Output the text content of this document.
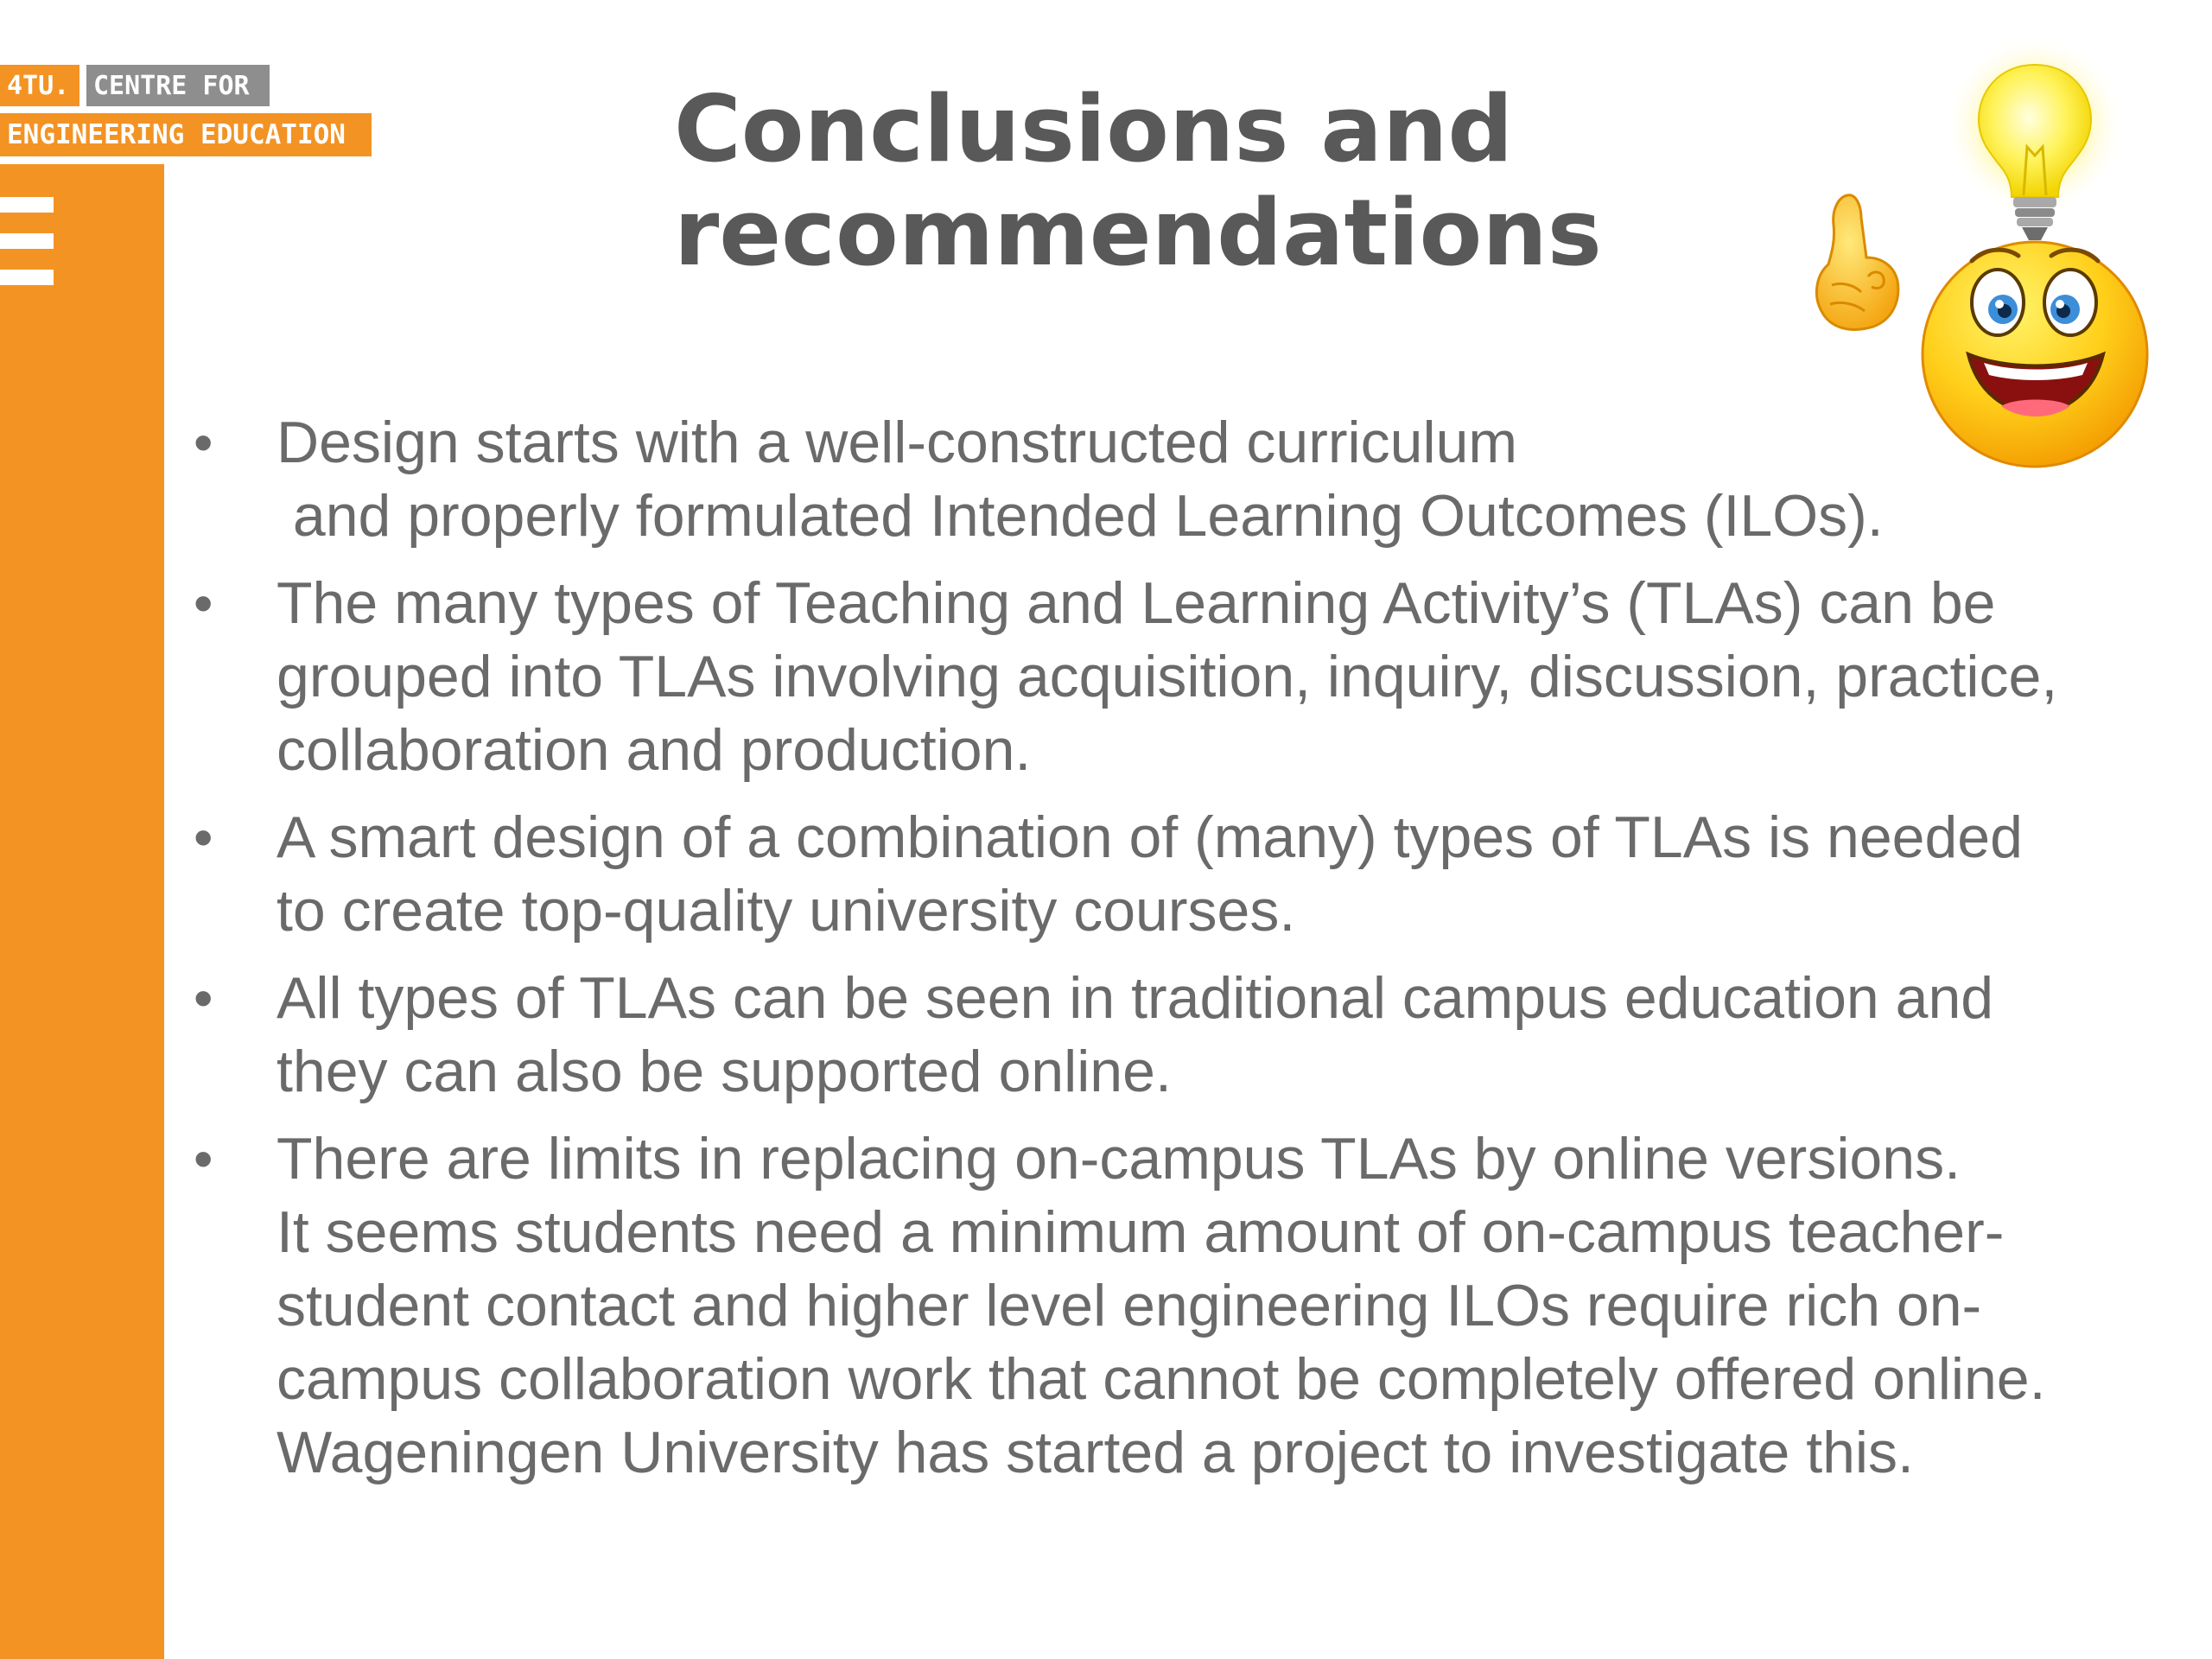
4TU. CENTRE FOR
ENGINEERING EDUCATION	Conclusions and
recommendations
• Design starts with a well-constructed curriculum
and properly formulated Intended Learning Outcomes (ILOs).
• The many types of Teaching and Learning Activity’s (TLAs) can be
grouped into TLAs involving acquisition, inquiry, discussion, practice,
collaboration and production.
• A smart design of a combination of (many) types of TLAs is needed
to create top-quality university courses.
• All types of TLAs can be seen in traditional campus education and
they can also be supported online.
• There are limits in replacing on-campus TLAs by online versions.
It seems students need a minimum amount of on-campus teacher-
student contact and higher level engineering ILOs require rich on-
campus collaboration work that cannot be completely offered online.
Wageningen University has started a project to investigate this.
